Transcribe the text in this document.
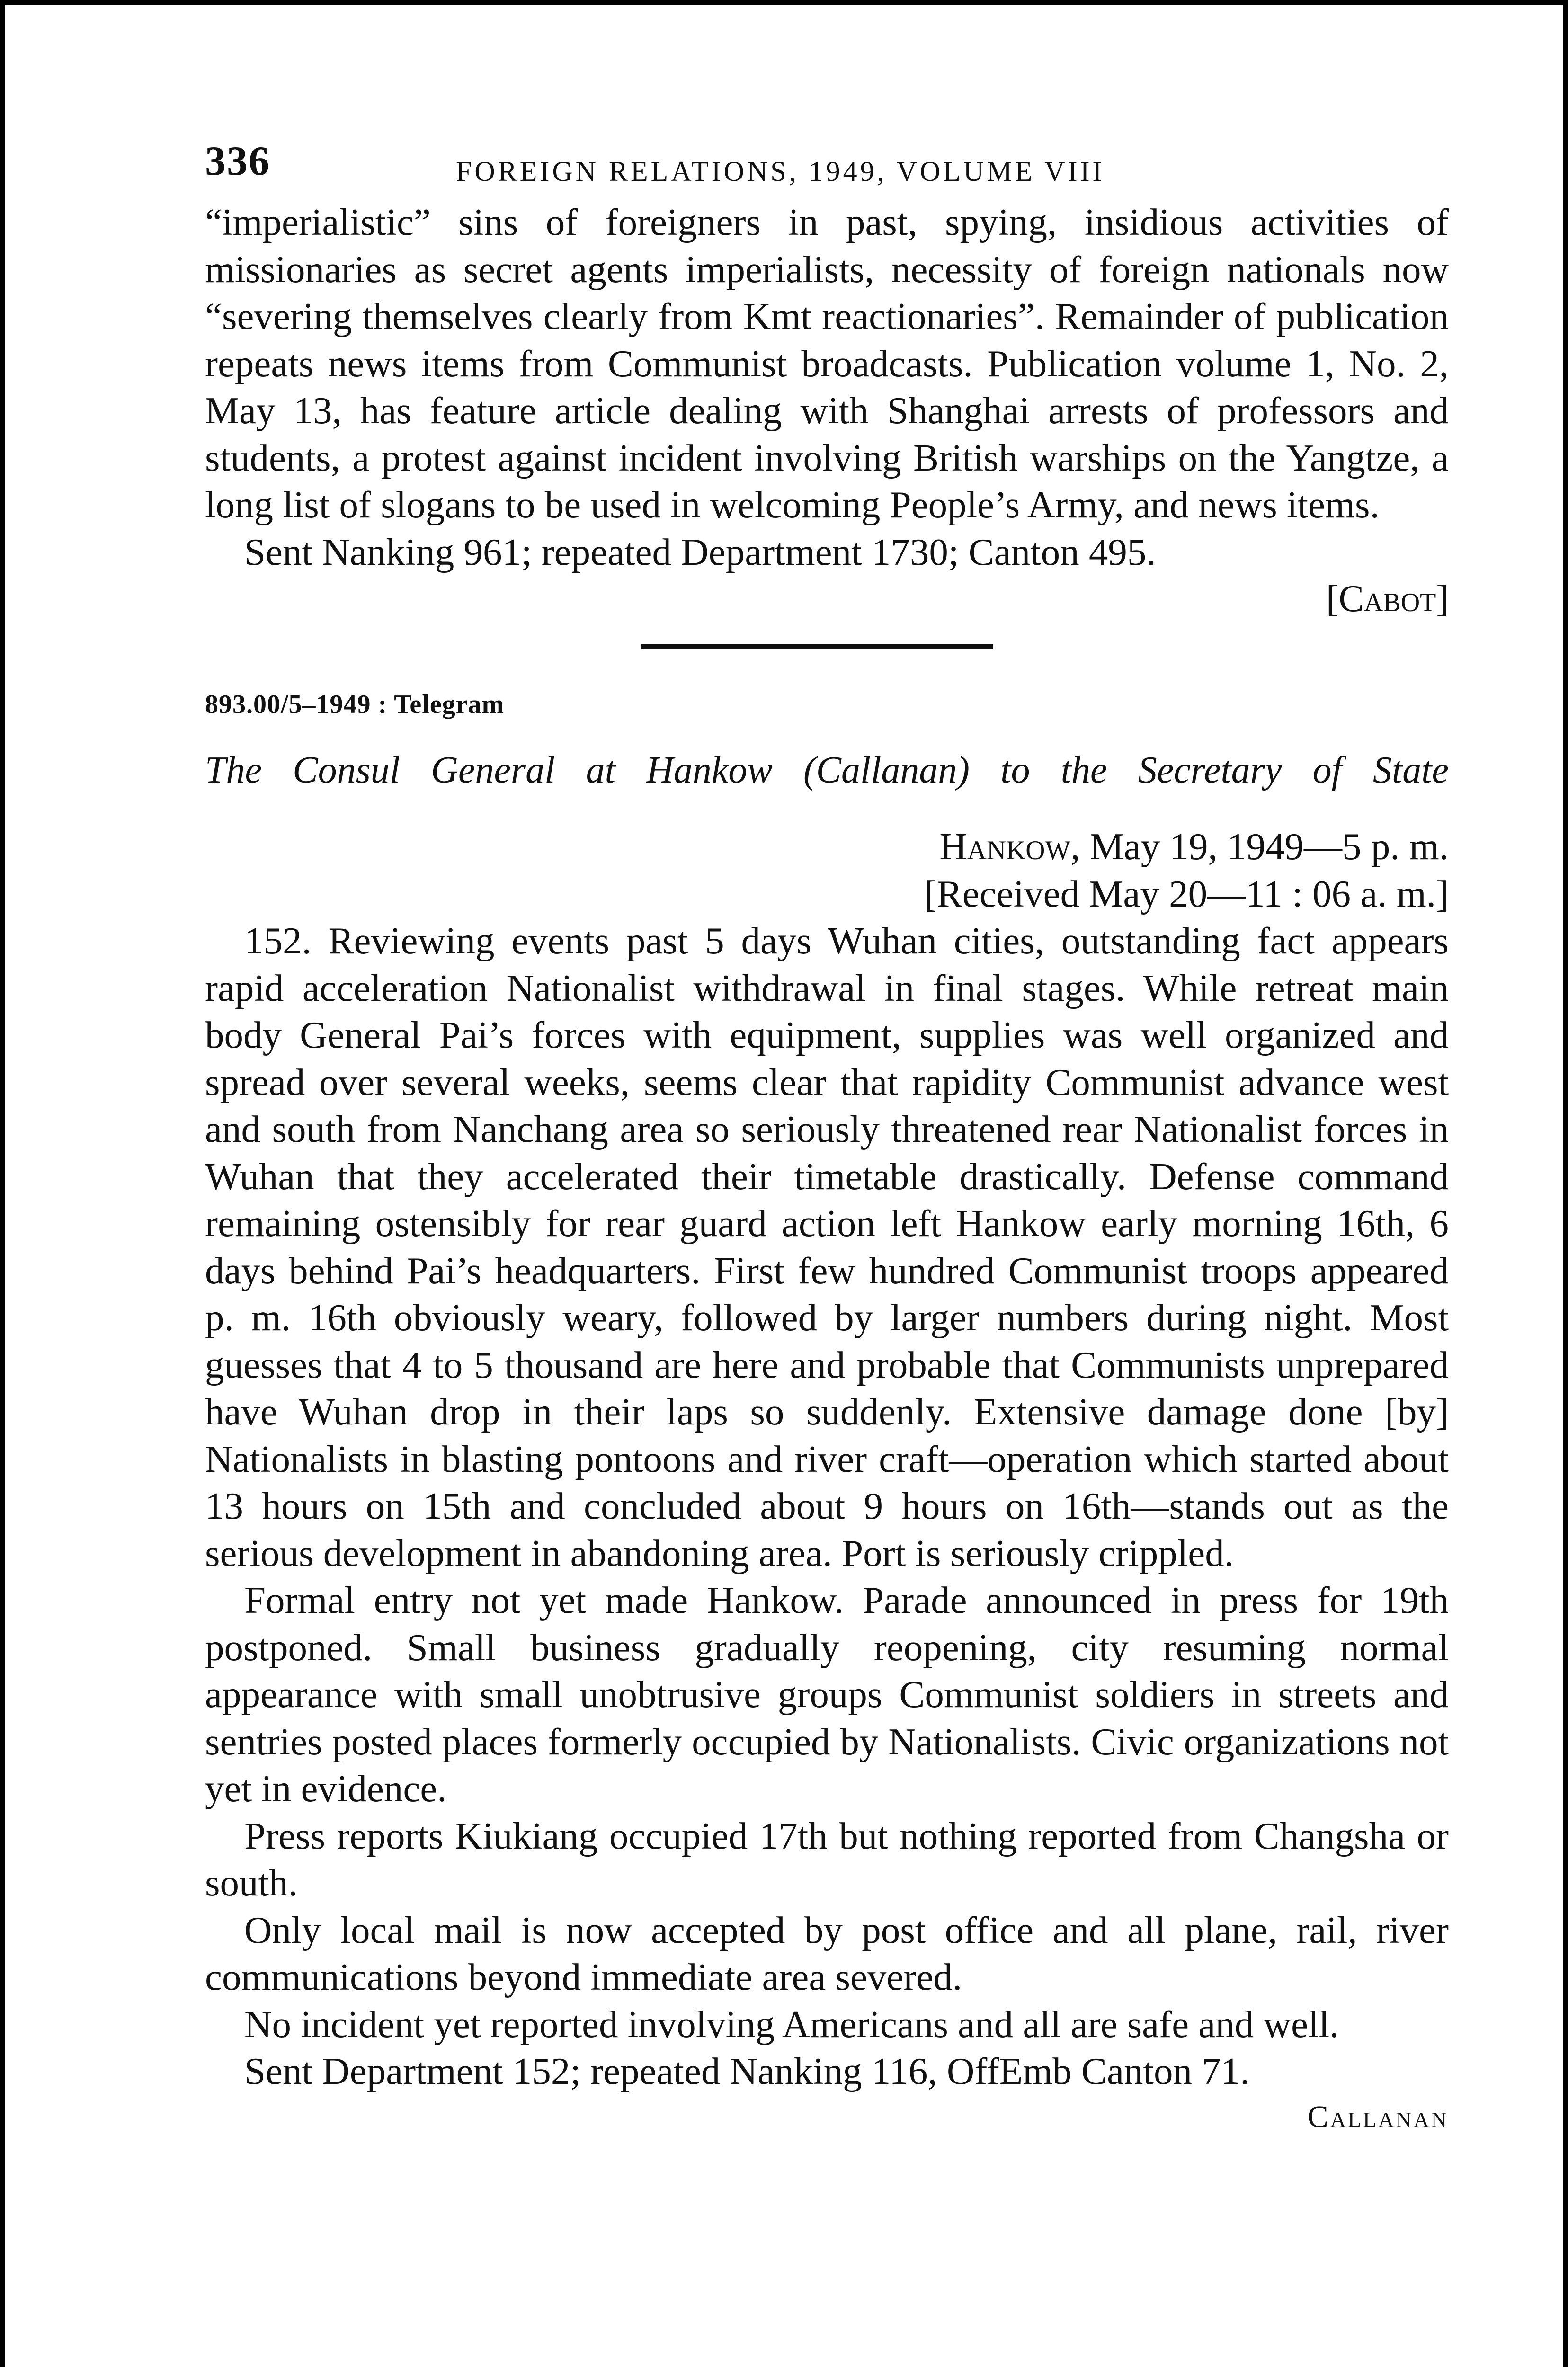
336	FOREIGN RELATIONS, 1949, VOLUME VIII

“imperialistic” sins of foreigners in past, spying, insidious activities of missionaries as secret agents imperialists, necessity of foreign nationals now “severing themselves clearly from Kmt reactionaries”. Remainder of publication repeats news items from Communist broadcasts. Publication volume 1, No. 2, May 13, has feature article dealing with Shanghai arrests of professors and students, a protest against incident involving British warships on the Yangtze, a long list of slogans to be used in welcoming People’s Army, and news items.

Sent Nanking 961; repeated Department 1730; Canton 495.

[Cabot]

893.00/5–1949 : Telegram
The Consul General at Hankow (Callanan) to the Secretary of State
Hankow, May 19, 1949—5 p. m.
[Received May 20—11 : 06 a. m.]

152. Reviewing events past 5 days Wuhan cities, outstanding fact appears rapid acceleration Nationalist withdrawal in final stages. While retreat main body General Pai’s forces with equipment, supplies was well organized and spread over several weeks, seems clear that rapidity Communist advance west and south from Nanchang area so seriously threatened rear Nationalist forces in Wuhan that they accelerated their timetable drastically. Defense command remaining ostensibly for rear guard action left Hankow early morning 16th, 6 days behind Pai’s headquarters. First few hundred Communist troops appeared p. m. 16th obviously weary, followed by larger numbers during night. Most guesses that 4 to 5 thousand are here and probable that Communists unprepared have Wuhan drop in their laps so suddenly. Extensive damage done [by] Nationalists in blasting pontoons and river craft—operation which started about 13 hours on 15th and concluded about 9 hours on 16th—stands out as the serious development in abandoning area. Port is seriously crippled.

Formal entry not yet made Hankow. Parade announced in press for 19th postponed. Small business gradually reopening, city resuming normal appearance with small unobtrusive groups Communist soldiers in streets and sentries posted places formerly occupied by Nationalists. Civic organizations not yet in evidence.

Press reports Kiukiang occupied 17th but nothing reported from Changsha or south.

Only local mail is now accepted by post office and all plane, rail, river communications beyond immediate area severed.

No incident yet reported involving Americans and all are safe and well.

Sent Department 152; repeated Nanking 116, OffEmb Canton 71.

Callanan
